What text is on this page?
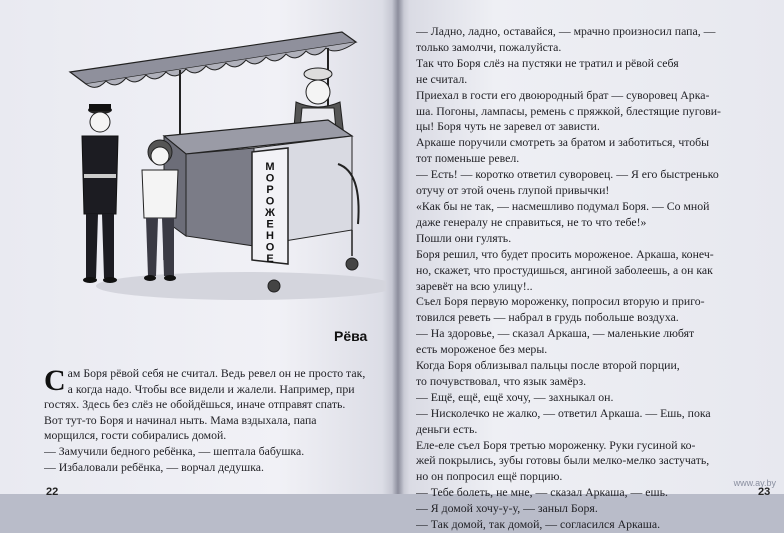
М О Р О Ж Е Н О Е
Рёва
С ам Боря рёвой себя не считал. Ведь ревел он не просто так,
а когда надо. Чтобы все видели и жалели. Например, при
гостях. Здесь без слёз не обойдёшься, иначе отправят спать.
Вот тут-то Боря и начинал ныть. Мама вздыхала, папа
морщился, гости собирались домой.
— Замучили бедного ребёнка, — шептала бабушка.
— Избаловали ребёнка, — ворчал дедушка.
— Ладно, ладно, оставайся, — мрачно произносил папа, —
только замолчи, пожалуйста.
Так что Боря слёз на пустяки не тратил и рёвой себя
не считал.
Приехал в гости его двоюродный брат — суворовец Арка-
ша. Погоны, лампасы, ремень с пряжкой, блестящие пугови-
цы! Боря чуть не заревел от зависти.
Аркаше поручили смотреть за братом и заботиться, чтобы
тот поменьше ревел.
— Есть! — коротко ответил суворовец. — Я его быстренько
отучу от этой очень глупой привычки!
«Как бы не так, — насмешливо подумал Боря. — Со мной
даже генералу не справиться, не то что тебе!»
Пошли они гулять.
Боря решил, что будет просить мороженое. Аркаша, конеч-
но, скажет, что простудишься, ангиной заболеешь, а он как
заревёт на всю улицу!..
Съел Боря первую мороженку, попросил вторую и приго-
товился реветь — набрал в грудь побольше воздуха.
— На здоровье, — сказал Аркаша, — маленькие любят
есть мороженое без меры.
Когда Боря облизывал пальцы после второй порции,
то почувствовал, что язык замёрз.
— Ещё, ещё, ещё хочу, — захныкал он.
— Нисколечко не жалко, — ответил Аркаша. — Ешь, пока
деньги есть.
Еле-еле съел Боря третью мороженку. Руки гусиной ко-
жей покрылись, зубы готовы были мелко-мелко застучать,
но он попросил ещё порцию.
— Тебе болеть, не мне, — сказал Аркаша, — ешь.
— Я домой хочу-у-у, — заныл Боря.
— Так домой, так домой, — согласился Аркаша.
22	23
www.ay.by
